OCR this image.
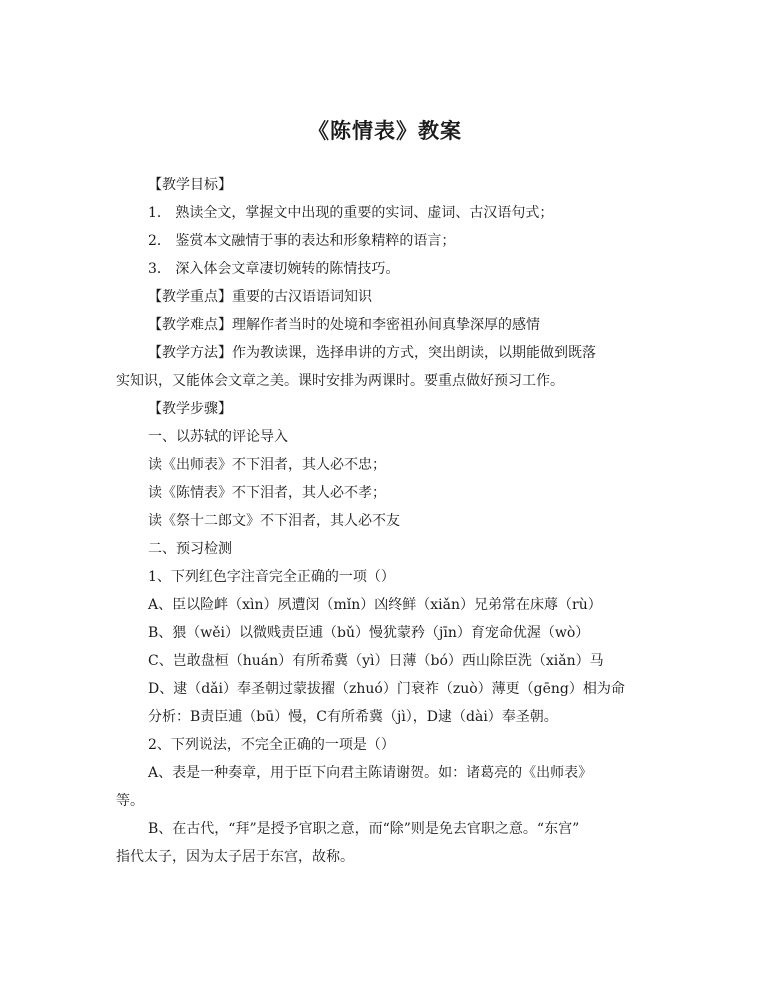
《陈情表》教案
【教学目标】
1． 熟读全文，掌握文中出现的重要的实词、虚词、古汉语句式；
2． 鉴赏本文融情于事的表达和形象精粹的语言；
3． 深入体会文章凄切婉转的陈情技巧。
【教学重点】重要的古汉语语词知识
【教学难点】理解作者当时的处境和李密祖孙间真挚深厚的感情
【教学方法】作为教读课，选择串讲的方式，突出朗读，以期能做到既落
实知识，又能体会文章之美。课时安排为两课时。要重点做好预习工作。
【教学步骤】
一、以苏轼的评论导入
读《出师表》不下泪者，其人必不忠；
读《陈情表》不下泪者，其人必不孝；
读《祭十二郎文》不下泪者，其人必不友
二、预习检测
1、下列红色字注音完全正确的一项（）
A、臣以险衅（xìn）夙遭闵（mǐn）凶终鲜（xiǎn）兄弟常在床蓐（rù）
B、猥（wěi）以微贱责臣逋（bǔ）慢犹蒙矜（jīn）育宠命优渥（wò）
C、岂敢盘桓（huán）有所希冀（yì）日薄（bó）西山除臣洗（xiǎn）马
D、逮（dǎi）奉圣朝过蒙拔擢（zhuó）门衰祚（zuò）薄更（gēng）相为命
分析：B责臣逋（bū）慢，C有所希冀（jì），D逮（dài）奉圣朝。
2、下列说法，不完全正确的一项是（）
A、表是一种奏章，用于臣下向君主陈请谢贺。如：诸葛亮的《出师表》
等。
B、在古代，“拜”是授予官职之意，而“除”则是免去官职之意。“东宫”
指代太子，因为太子居于东宫，故称。
